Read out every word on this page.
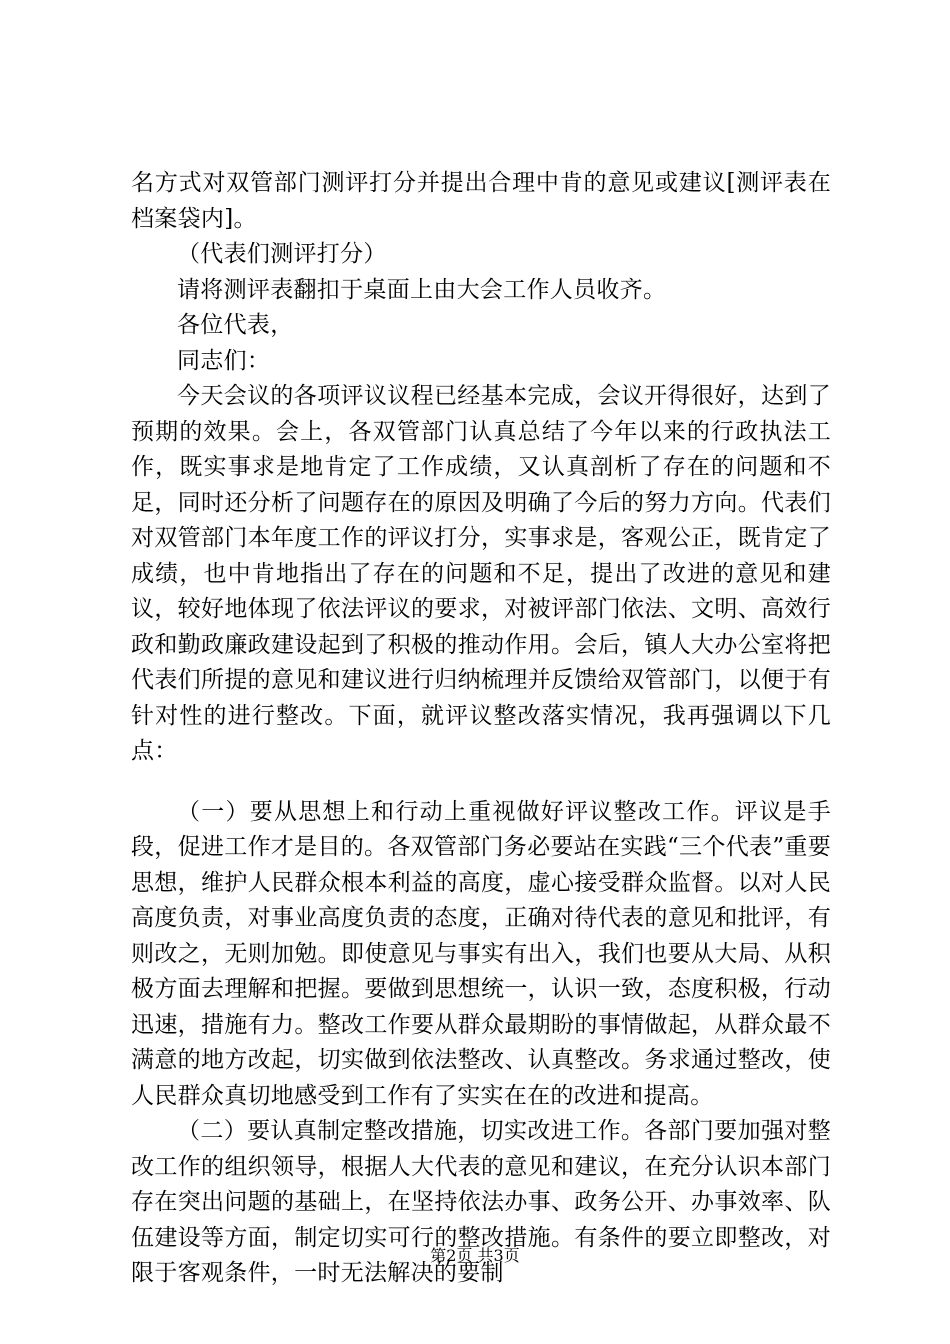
名方式对双管部门测评打分并提出合理中肯的意见或建议[测评表在档案袋内]。

（代表们测评打分）

请将测评表翻扣于桌面上由大会工作人员收齐。

各位代表，

同志们：

今天会议的各项评议议程已经基本完成，会议开得很好，达到了预期的效果。会上，各双管部门认真总结了今年以来的行政执法工作，既实事求是地肯定了工作成绩，又认真剖析了存在的问题和不足，同时还分析了问题存在的原因及明确了今后的努力方向。代表们对双管部门本年度工作的评议打分，实事求是，客观公正，既肯定了成绩，也中肯地指出了存在的问题和不足，提出了改进的意见和建议，较好地体现了依法评议的要求，对被评部门依法、文明、高效行政和勤政廉政建设起到了积极的推动作用。会后，镇人大办公室将把代表们所提的意见和建议进行归纳梳理并反馈给双管部门，以便于有针对性的进行整改。下面，就评议整改落实情况，我再强调以下几点：

（一）要从思想上和行动上重视做好评议整改工作。评议是手段，促进工作才是目的。各双管部门务必要站在实践“三个代表”重要思想，维护人民群众根本利益的高度，虚心接受群众监督。以对人民高度负责，对事业高度负责的态度，正确对待代表的意见和批评，有则改之，无则加勉。即使意见与事实有出入，我们也要从大局、从积极方面去理解和把握。要做到思想统一，认识一致，态度积极，行动迅速，措施有力。整改工作要从群众最期盼的事情做起，从群众最不满意的地方改起，切实做到依法整改、认真整改。务求通过整改，使人民群众真切地感受到工作有了实实在在的改进和提高。

（二）要认真制定整改措施，切实改进工作。各部门要加强对整改工作的组织领导，根据人大代表的意见和建议，在充分认识本部门存在突出问题的基础上，在坚持依法办事、政务公开、办事效率、队伍建设等方面，制定切实可行的整改措施。有条件的要立即整改，对限于客观条件，一时无法解决的要制

第2页 共3页
